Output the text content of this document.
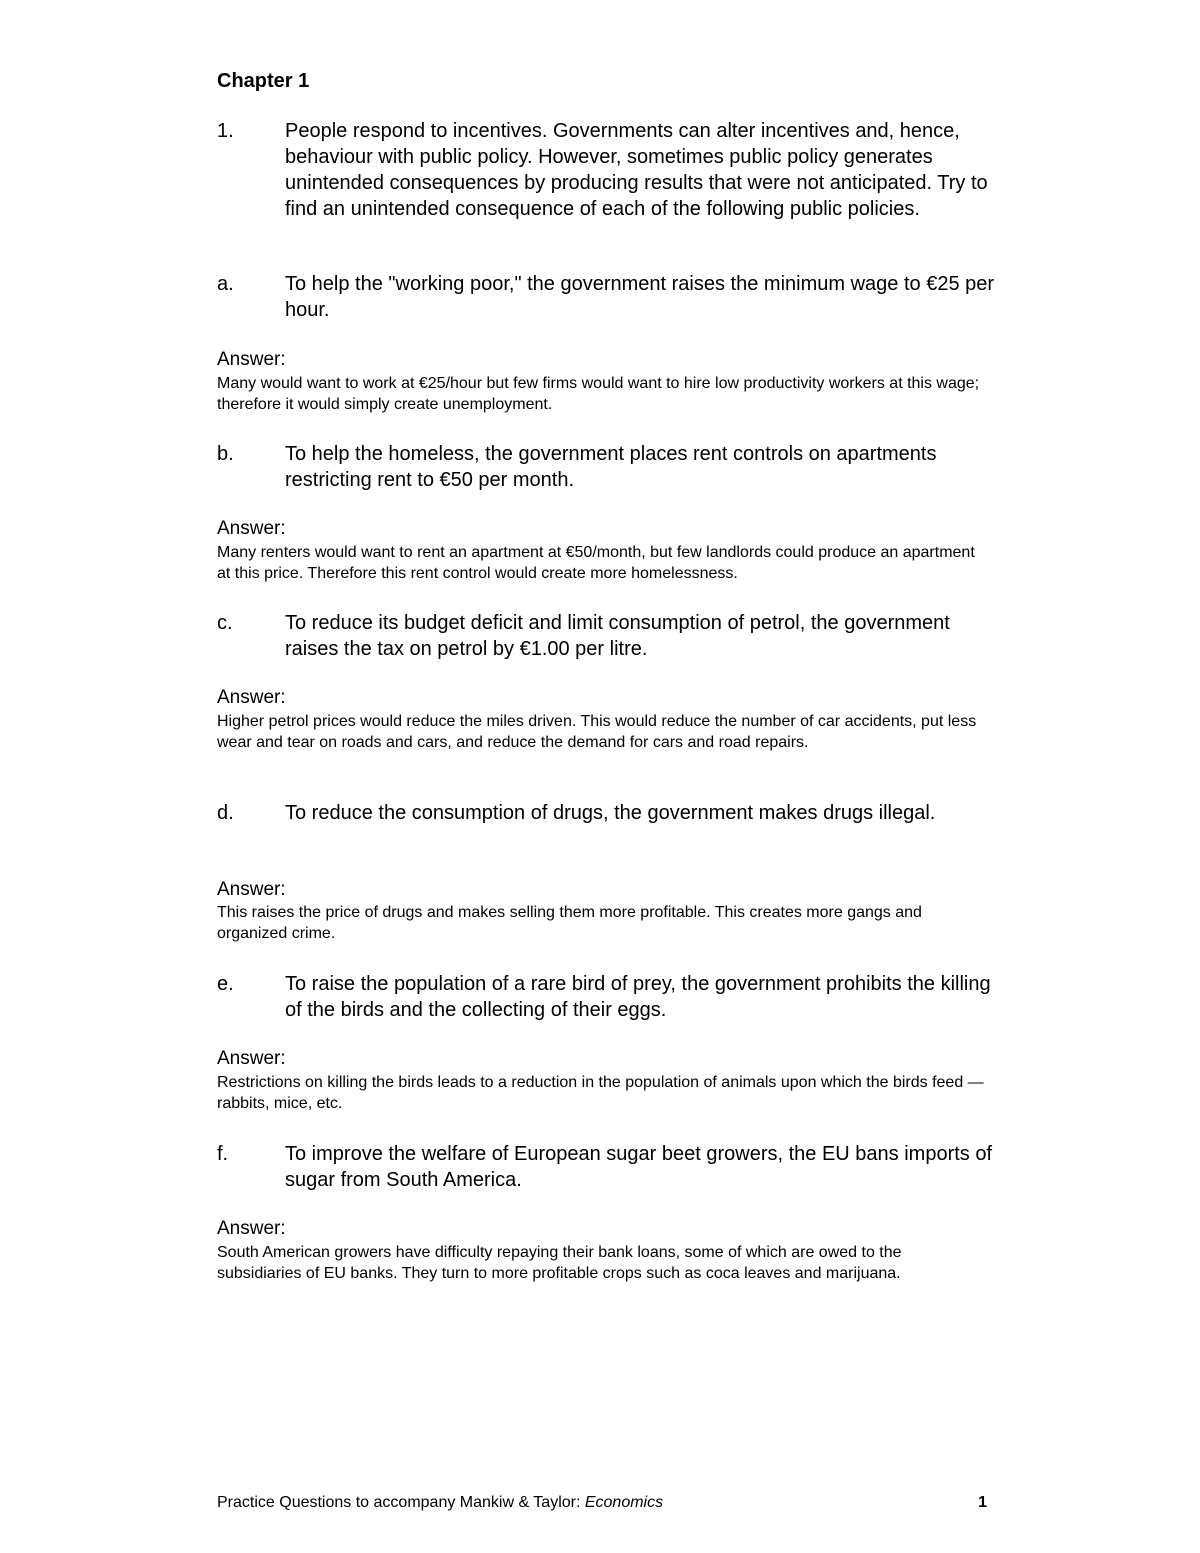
Chapter 1
1.	People respond to incentives. Governments can alter incentives and, hence, behaviour with public policy. However, sometimes public policy generates unintended consequences by producing results that were not anticipated. Try to find an unintended consequence of each of the following public policies.
a.	To help the "working poor," the government raises the minimum wage to €25 per hour.
Answer:
Many would want to work at €25/hour but few firms would want to hire low productivity workers at this wage; therefore it would simply create unemployment.
b.	To help the homeless, the government places rent controls on apartments restricting rent to €50 per month.
Answer:
Many renters would want to rent an apartment at €50/month, but few landlords could produce an apartment at this price. Therefore this rent control would create more homelessness.
c.	To reduce its budget deficit and limit consumption of petrol, the government raises the tax on petrol by €1.00 per litre.
Answer:
Higher petrol prices would reduce the miles driven. This would reduce the number of car accidents, put less wear and tear on roads and cars, and reduce the demand for cars and road repairs.
d.	To reduce the consumption of drugs, the government makes drugs illegal.
Answer:
This raises the price of drugs and makes selling them more profitable. This creates more gangs and organized crime.
e.	To raise the population of a rare bird of prey, the government prohibits the killing of the birds and the collecting of their eggs.
Answer:
Restrictions on killing the birds leads to a reduction in the population of animals upon which the birds feed —rabbits, mice, etc.
f.	To improve the welfare of European sugar beet growers, the EU bans imports of sugar from South America.
Answer:
South American growers have difficulty repaying their bank loans, some of which are owed to the subsidiaries of EU banks. They turn to more profitable crops such as coca leaves and marijuana.
Practice Questions to accompany Mankiw & Taylor: Economics	1
